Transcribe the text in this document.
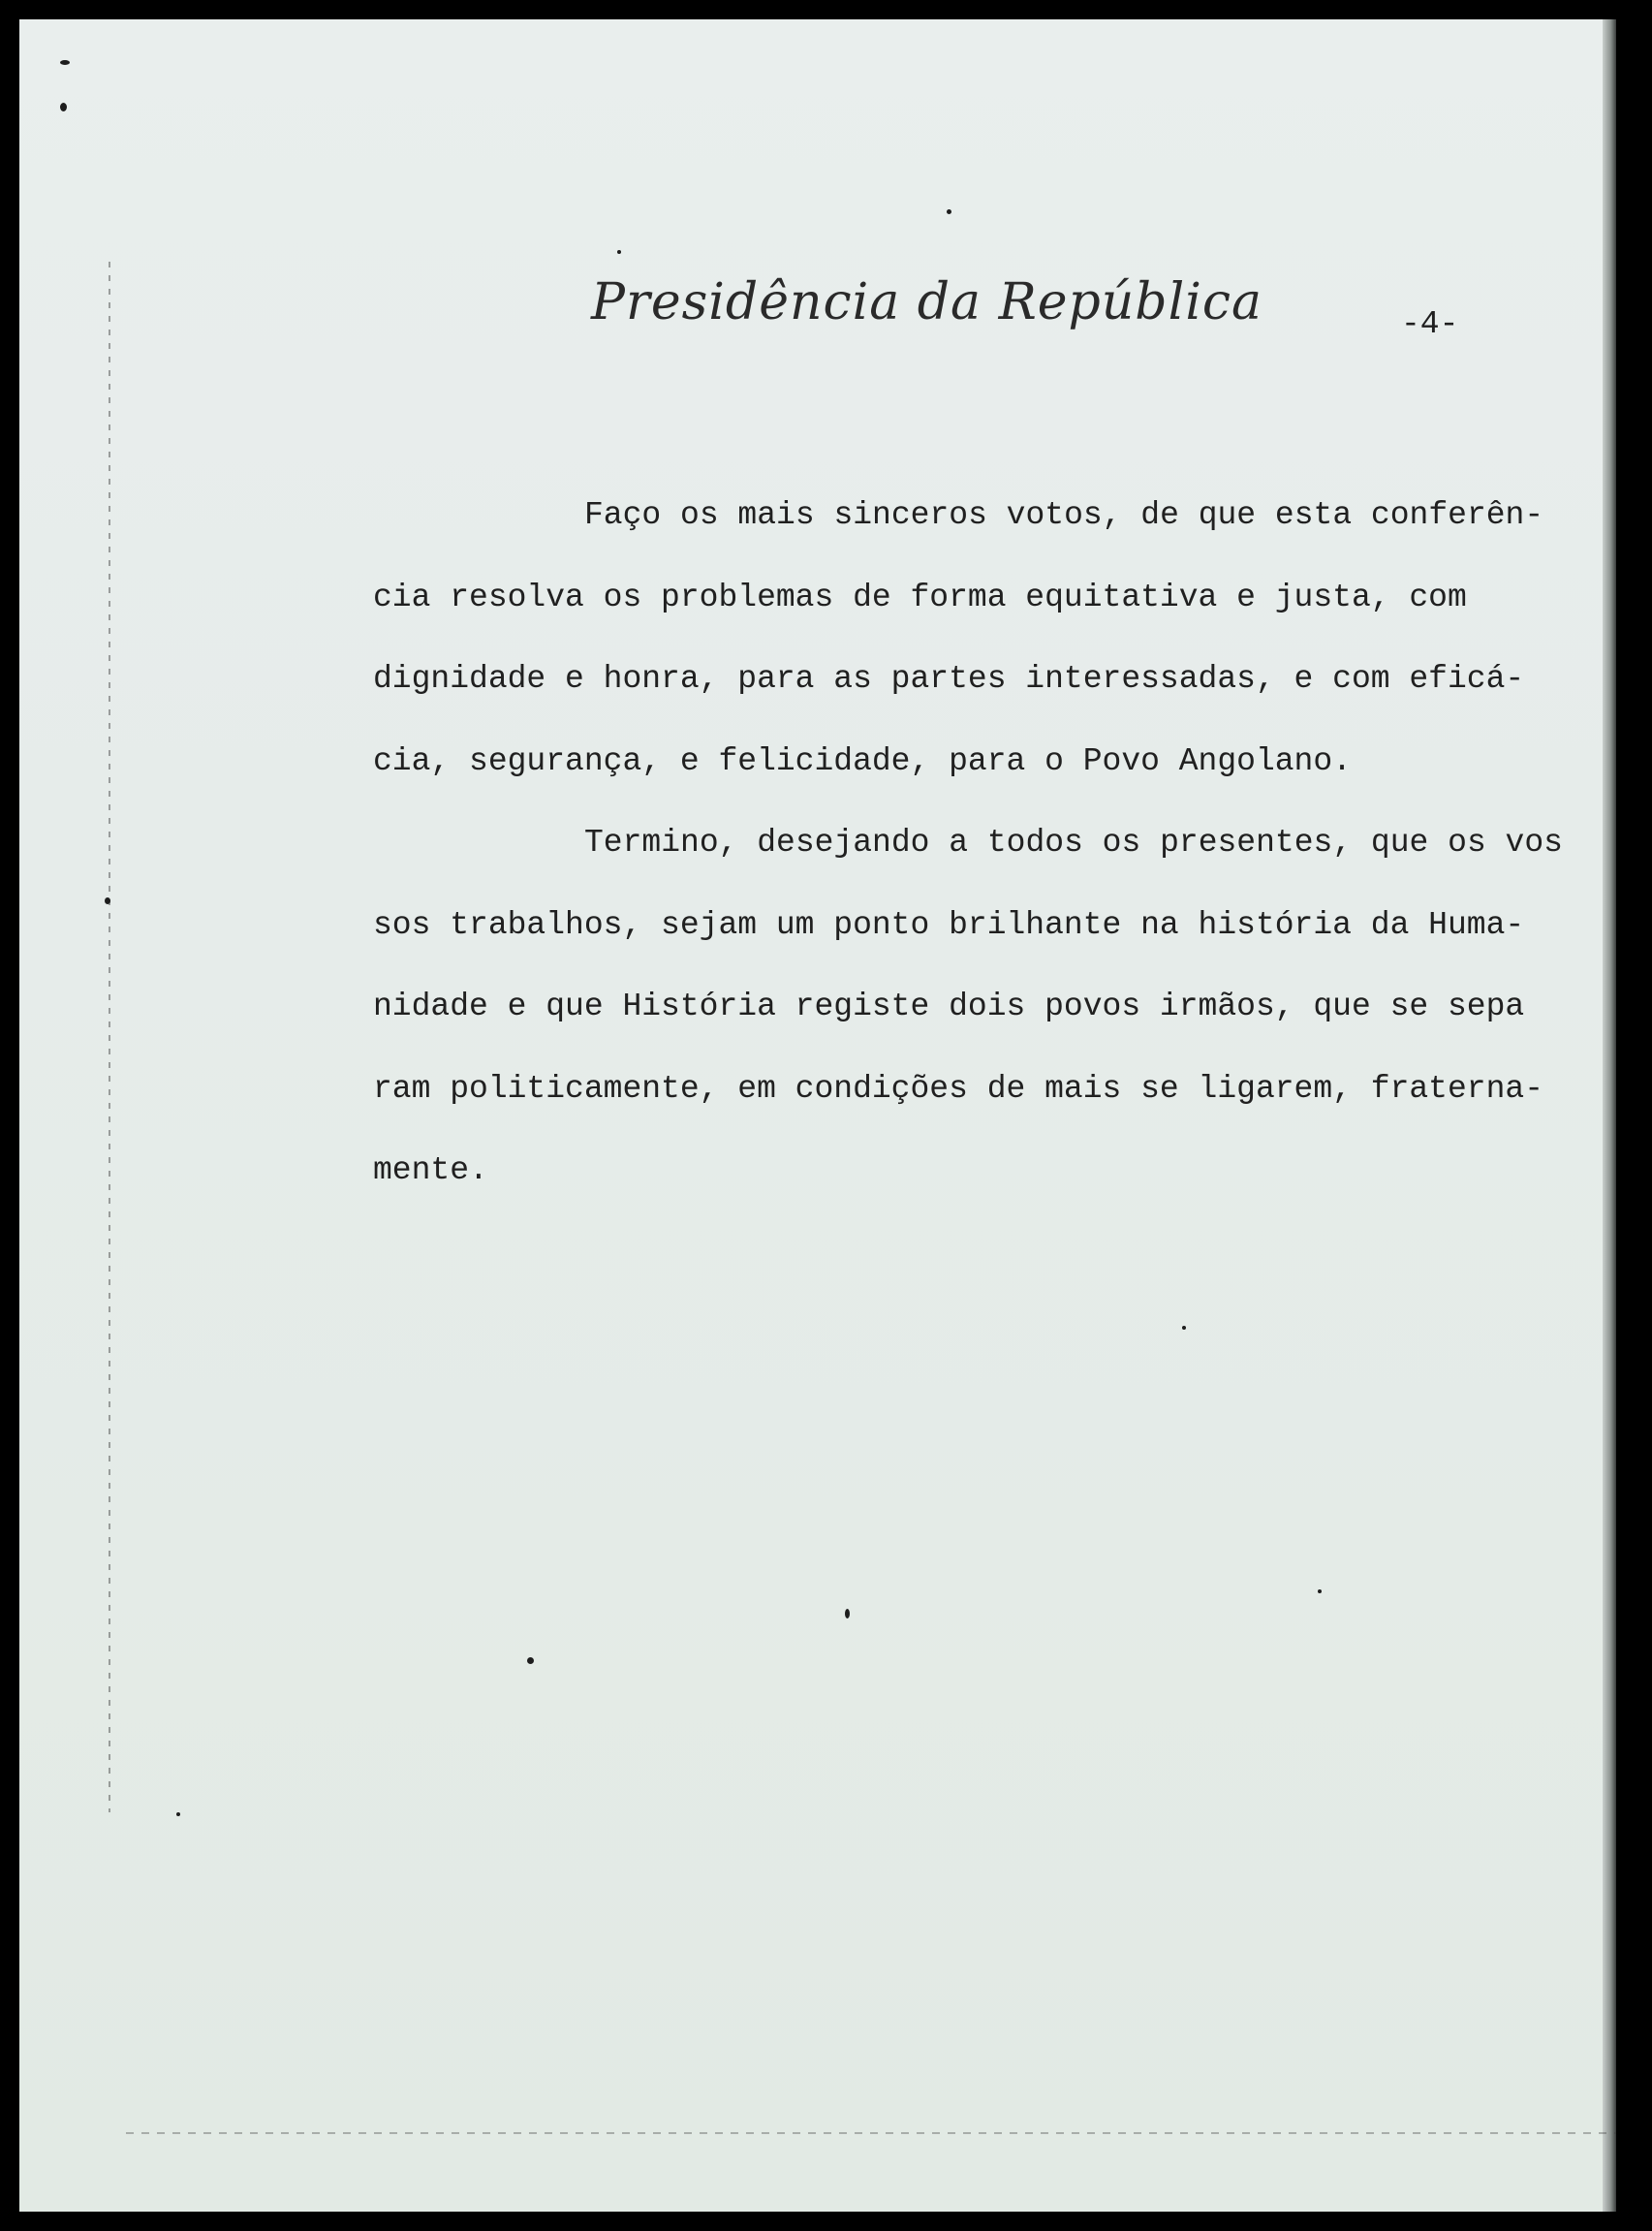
Presidência da República	-4-
Faço os mais sinceros votos, de que esta conferên-
cia resolva os problemas de forma equitativa e justa, com
dignidade e honra, para as partes interessadas, e com eficá-
cia, segurança, e felicidade, para o Povo Angolano.
Termino, desejando a todos os presentes, que os vos
sos trabalhos, sejam um ponto brilhante na história da Huma-
nidade e que História registe dois povos irmãos, que se sepa
ram politicamente, em condições de mais se ligarem, fraterna-
mente.
